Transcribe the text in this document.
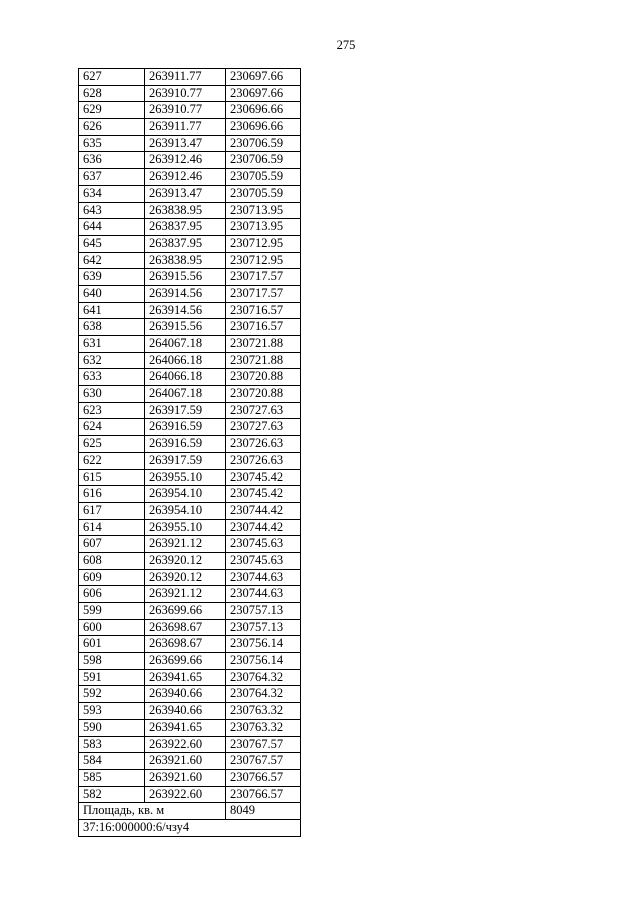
275
627	263911.77	230697.66
628	263910.77	230697.66
629	263910.77	230696.66
626	263911.77	230696.66
635	263913.47	230706.59
636	263912.46	230706.59
637	263912.46	230705.59
634	263913.47	230705.59
643	263838.95	230713.95
644	263837.95	230713.95
645	263837.95	230712.95
642	263838.95	230712.95
639	263915.56	230717.57
640	263914.56	230717.57
641	263914.56	230716.57
638	263915.56	230716.57
631	264067.18	230721.88
632	264066.18	230721.88
633	264066.18	230720.88
630	264067.18	230720.88
623	263917.59	230727.63
624	263916.59	230727.63
625	263916.59	230726.63
622	263917.59	230726.63
615	263955.10	230745.42
616	263954.10	230745.42
617	263954.10	230744.42
614	263955.10	230744.42
607	263921.12	230745.63
608	263920.12	230745.63
609	263920.12	230744.63
606	263921.12	230744.63
599	263699.66	230757.13
600	263698.67	230757.13
601	263698.67	230756.14
598	263699.66	230756.14
591	263941.65	230764.32
592	263940.66	230764.32
593	263940.66	230763.32
590	263941.65	230763.32
583	263922.60	230767.57
584	263921.60	230767.57
585	263921.60	230766.57
582	263922.60	230766.57
Площадь, кв. м		8049
37:16:000000:6/чзу4		
